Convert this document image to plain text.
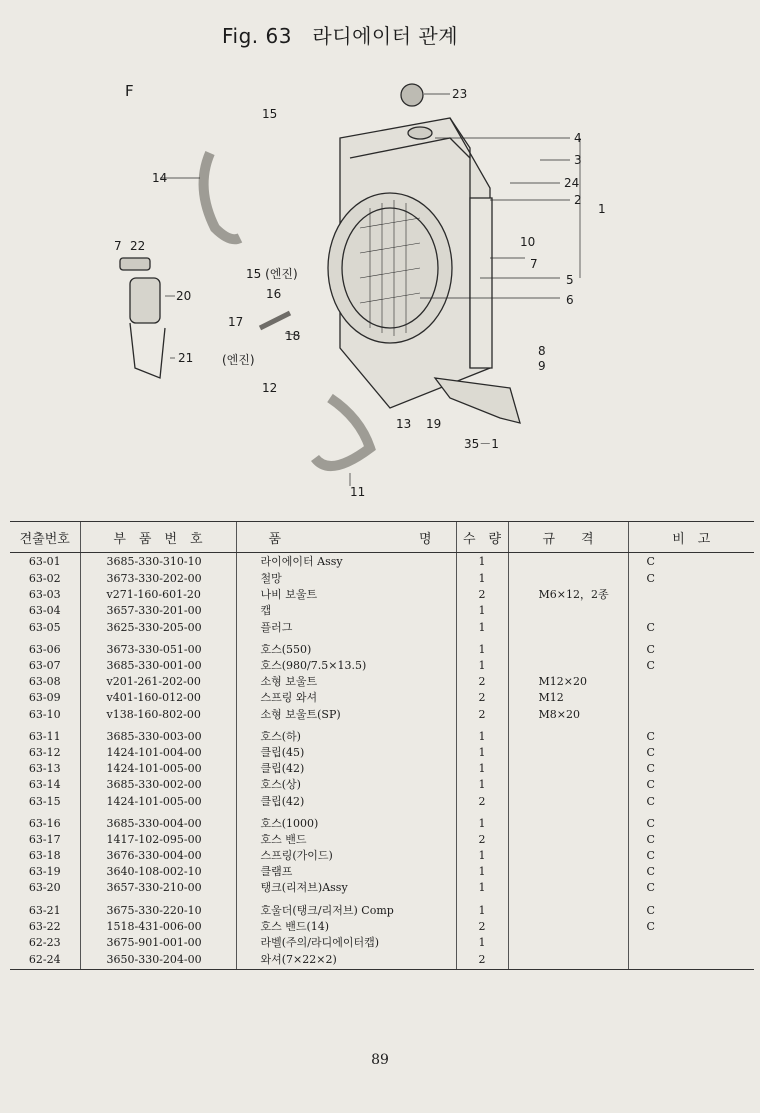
Fig. 63　라디에이터 관계
F	23
15
4
3
14	24
2
1
7 22	10
20
15 (엔진)
7
5
16	6
17
18
21	8
(엔진)	9
12
13 19
35－1
11
견출번호	부　품　번　호	품 명	수　량	규　　격	비　고
63-01	3685-330-310-10	라이에이터 Assy	1		C
63-02	3673-330-202-00	철망	1		C
63-03	v271-160-601-20	나비 보울트	2	M6×12，2종	
63-04	3657-330-201-00	캡	1		
63-05	3625-330-205-00	플러그	1		C
63-06	3673-330-051-00	호스(550)	1		C
63-07	3685-330-001-00	호스(980/7.5×13.5)	1		C
63-08	v201-261-202-00	소형 보울트	2	M12×20	
63-09	v401-160-012-00	스프링 와셔	2	M12	
63-10	v138-160-802-00	소형 보울트(SP)	2	M8×20	
63-11	3685-330-003-00	호스(하)	1		C
63-12	1424-101-004-00	클립(45)	1		C
63-13	1424-101-005-00	클립(42)	1		C
63-14	3685-330-002-00	호스(상)	1		C
63-15	1424-101-005-00	클립(42)	2		C
63-16	3685-330-004-00	호스(1000)	1		C
63-17	1417-102-095-00	호스 밴드	2		C
63-18	3676-330-004-00	스프링(가이드)	1		C
63-19	3640-108-002-10	클램프	1		C
63-20	3657-330-210-00	탱크(리져브)Assy	1		C
63-21	3675-330-220-10	호울더(탱크/리저브) Comp	1		C
63-22	1518-431-006-00	호스 밴드(14)	2		C
62-23	3675-901-001-00	라벨(주의/라디에이터캡)	1		
62-24	3650-330-204-00	와셔(7×22×2)	2		
89
